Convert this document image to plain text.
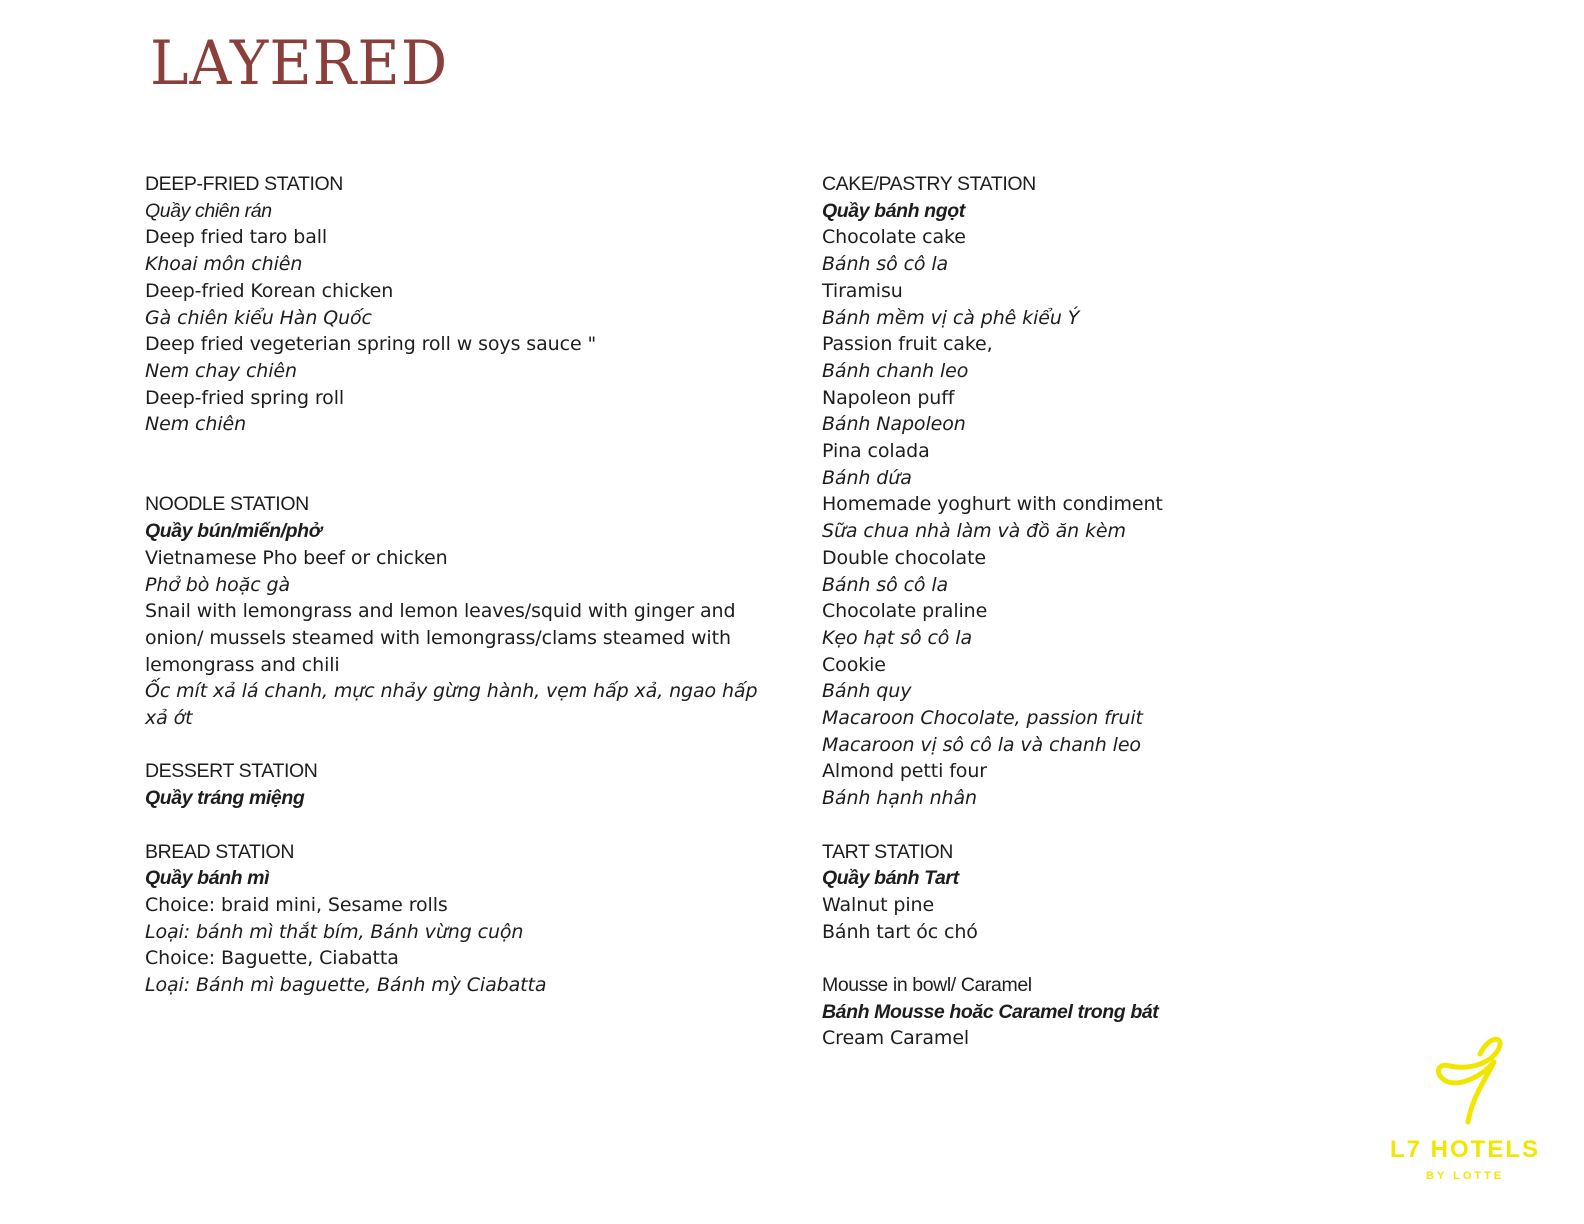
LAYERED
DEEP-FRIED STATION
Quầy chiên rán
Deep fried taro ball
Khoai môn chiên
Deep-fried Korean chicken
Gà chiên kiểu Hàn Quốc
Deep fried vegeterian spring roll w soys sauce "
Nem chay chiên
Deep-fried spring roll
Nem chiên
NOODLE STATION
Quầy bún/miến/phở
Vietnamese Pho beef or chicken
Phở bò hoặc gà
Snail with lemongrass and lemon leaves/squid with ginger and onion/ mussels steamed with lemongrass/clams steamed with lemongrass and chili
Ốc mít xả lá chanh, mực nhảy gừng hành, vẹm hấp xả, ngao hấp xả ớt
DESSERT STATION
Quầy tráng miệng
BREAD STATION
Quầy bánh mì
Choice: braid mini, Sesame rolls
Loại: bánh mì thắt bím, Bánh vừng cuộn
Choice: Baguette, Ciabatta
Loại: Bánh mì baguette, Bánh mỳ Ciabatta
CAKE/PASTRY STATION
Quầy bánh ngọt
Chocolate cake
Bánh sô cô la
Tiramisu
Bánh mềm vị cà phê kiểu Ý
Passion fruit cake,
Bánh chanh leo
Napoleon puff
Bánh Napoleon
Pina colada
Bánh dứa
Homemade yoghurt with condiment
Sữa chua nhà làm và đồ ăn kèm
Double chocolate
Bánh sô cô la
Chocolate praline
Kẹo hạt sô cô la
Cookie
Bánh quy
Macaroon Chocolate, passion fruit
Macaroon vị sô cô la và chanh leo
Almond petti four
Bánh hạnh nhân
TART STATION
Quầy bánh Tart
Walnut pine
Bánh tart óc chó
Mousse in bowl/ Caramel
Bánh Mousse hoăc Caramel trong bát
Cream Caramel
L7 HOTELS
BY LOTTE
